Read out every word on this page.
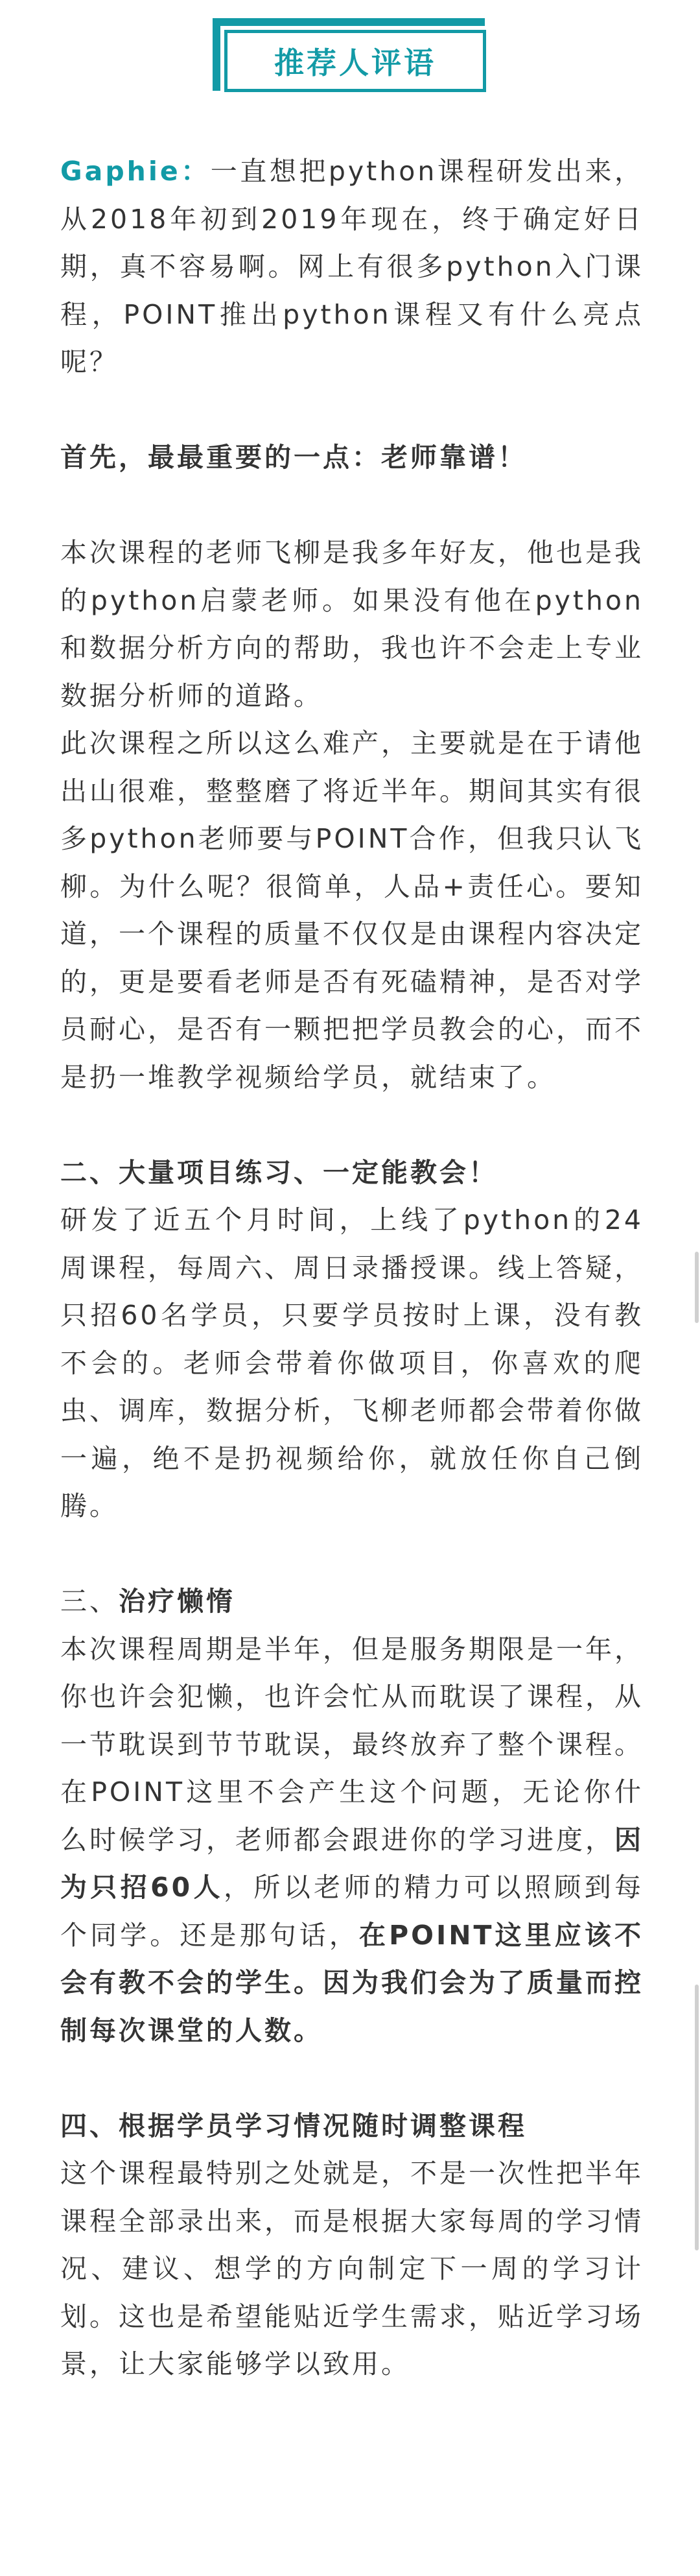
推荐人评语

Gaphie：一直想把python课程研发出来，从2018年初到2019年现在，终于确定好日期，真不容易啊。网上有很多python入门课程，POINT推出python课程又有什么亮点呢？

首先，最最重要的一点：老师靠谱！

本次课程的老师飞柳是我多年好友，他也是我的python启蒙老师。如果没有他在python和数据分析方向的帮助，我也许不会走上专业数据分析师的道路。

此次课程之所以这么难产，主要就是在于请他出山很难，整整磨了将近半年。期间其实有很多python老师要与POINT合作，但我只认飞柳。为什么呢？很简单，人品+责任心。要知道，一个课程的质量不仅仅是由课程内容决定的，更是要看老师是否有死磕精神，是否对学员耐心，是否有一颗把把学员教会的心，而不是扔一堆教学视频给学员，就结束了。

二、大量项目练习、一定能教会！

研发了近五个月时间，上线了python的24周课程，每周六、周日录播授课。线上答疑，只招60名学员，只要学员按时上课，没有教不会的。老师会带着你做项目，你喜欢的爬虫、调库，数据分析，飞柳老师都会带着你做一遍，绝不是扔视频给你，就放任你自己倒腾。

三、治疗懒惰

本次课程周期是半年，但是服务期限是一年，你也许会犯懒，也许会忙从而耽误了课程，从一节耽误到节节耽误，最终放弃了整个课程。在POINT这里不会产生这个问题，无论你什么时候学习，老师都会跟进你的学习进度，因为只招60人，所以老师的精力可以照顾到每个同学。还是那句话，在POINT这里应该不会有教不会的学生。因为我们会为了质量而控制每次课堂的人数。

四、根据学员学习情况随时调整课程

这个课程最特别之处就是，不是一次性把半年课程全部录出来，而是根据大家每周的学习情况、建议、想学的方向制定下一周的学习计划。这也是希望能贴近学生需求，贴近学习场景，让大家能够学以致用。
